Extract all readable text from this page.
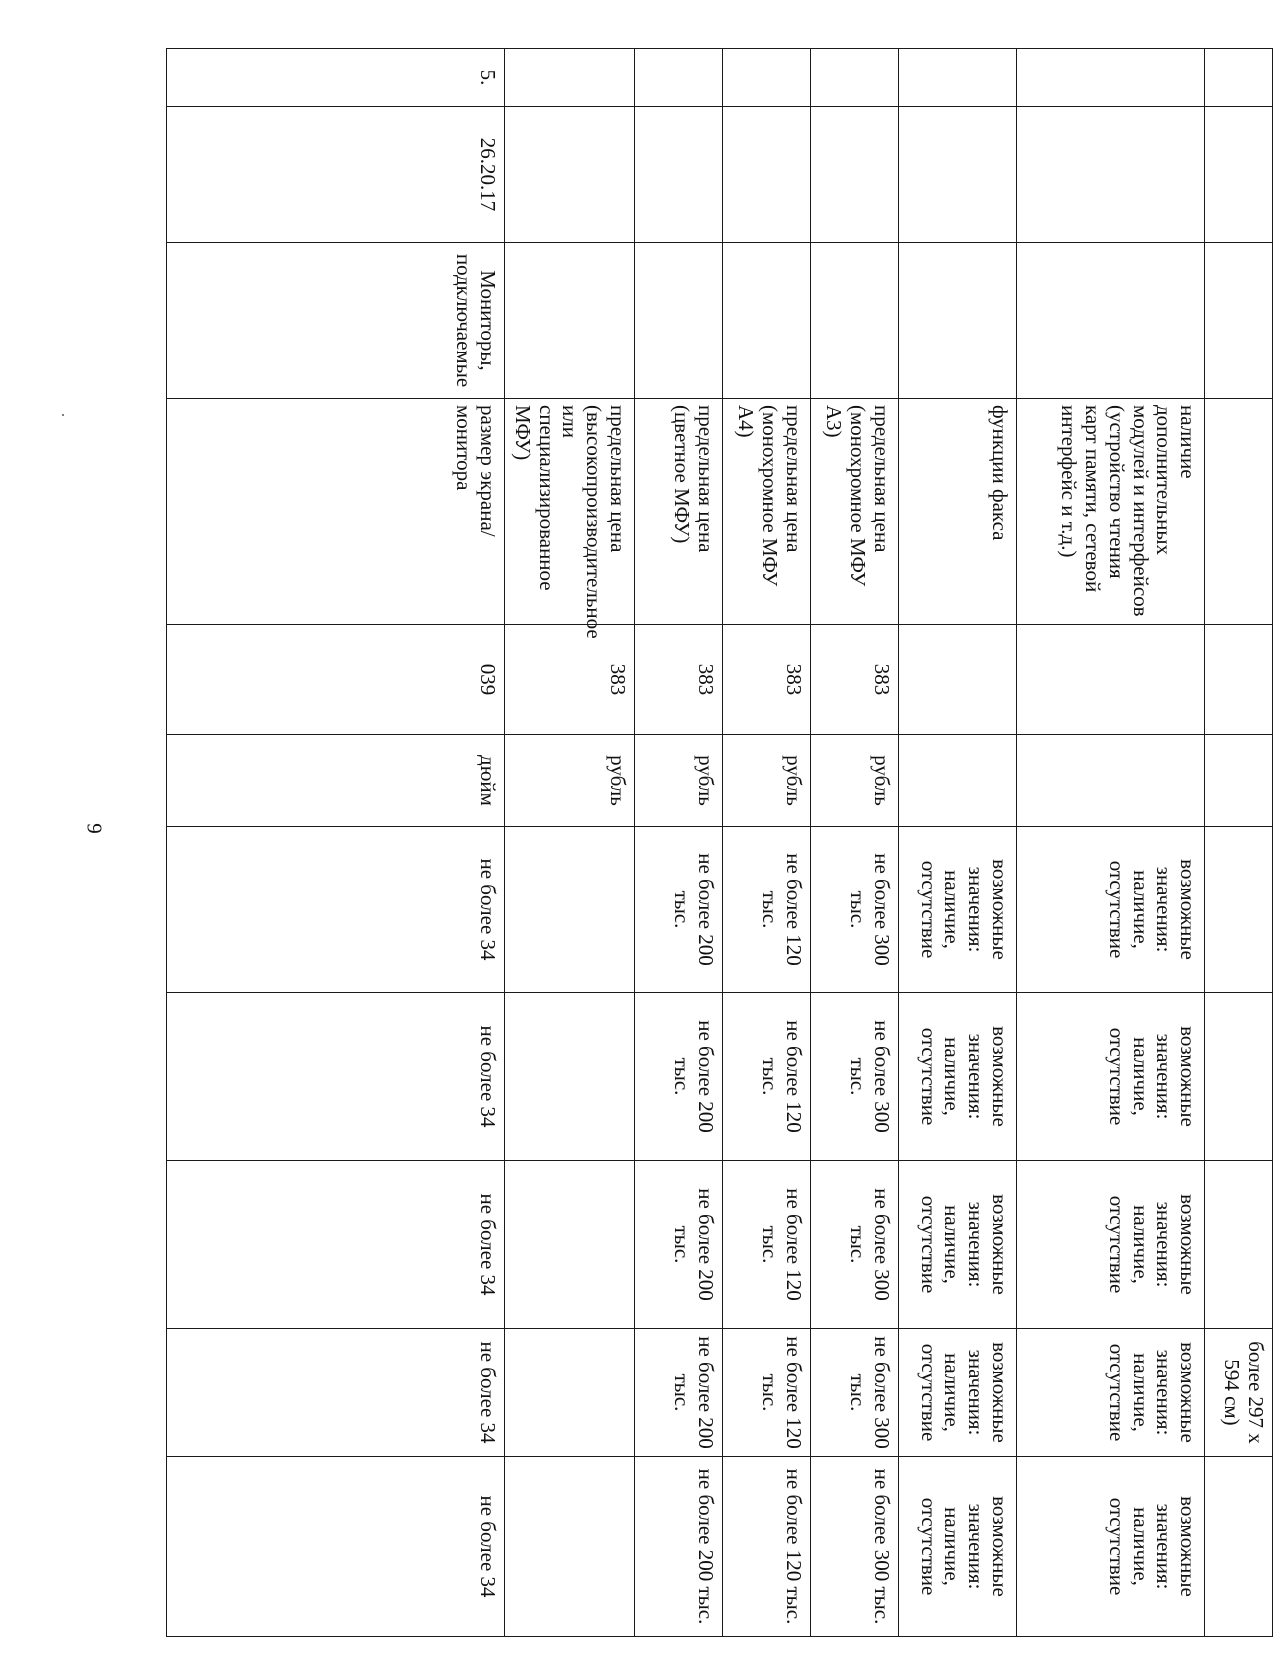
9
									более 297 х 594 см)	
			наличие дополнительных модулей и интерфейсов (устройство чтения карт памяти, сетевой интерфейс и т.д.)			возможные значения: наличие, отсутствие	возможные значения: наличие, отсутствие	возможные значения: наличие, отсутствие	возможные значения: наличие, отсутствие	возможные значения: наличие, отсутствие
			функции факса			возможные значения: наличие, отсутствие	возможные значения: наличие, отсутствие	возможные значения: наличие, отсутствие	возможные значения: наличие, отсутствие	возможные значения: наличие, отсутствие
			предельная цена (монохромное МФУ А3)	383	рубль	не более 300 тыс.	не более 300 тыс.	не более 300 тыс.	не более 300 тыс.	не более 300 тыс.
			предельная цена (монохромное МФУ А4)	383	рубль	не более 120 тыс.	не более 120 тыс.	не более 120 тыс.	не более 120 тыс.	не более 120 тыс.
			предельная цена (цветное МФУ)	383	рубль	не более 200 тыс.	не более 200 тыс.	не более 200 тыс.	не более 200 тыс.	не более 200 тыс.
			предельная цена (высокопроизводительное или специализированное МФУ)	383	рубль					
5.	26.20.17	Мониторы, подключаемые	размер экрана/монитора	039	дюйм	не более 34	не более 34	не более 34	не более 34	не более 34
